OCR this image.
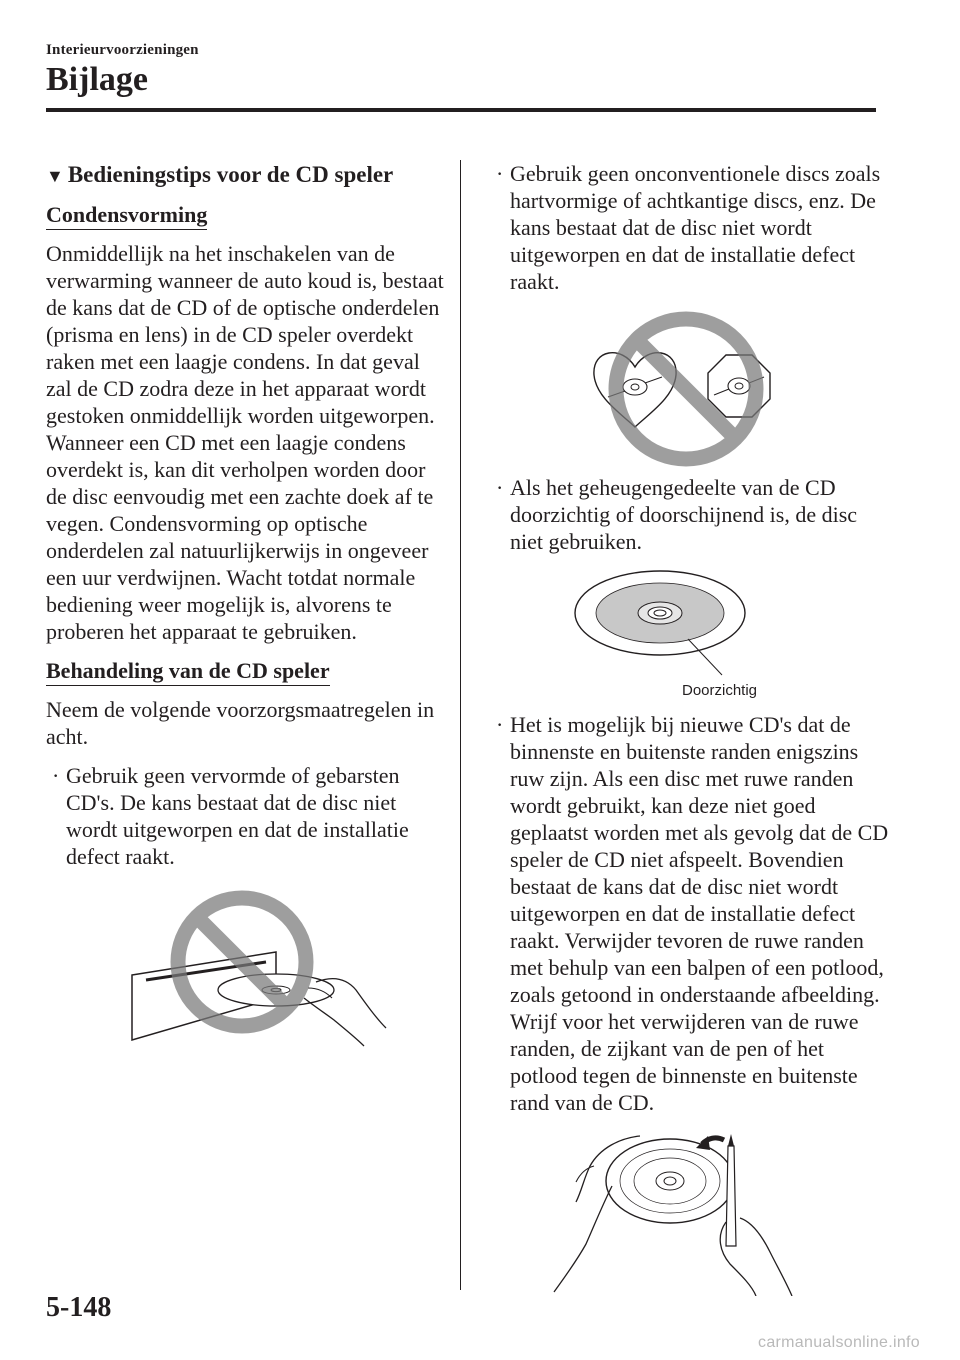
Interieurvoorzieningen
Bijlage
▼ Bedieningstips voor de CD speler
Condensvorming

Onmiddellijk na het inschakelen van de verwarming wanneer de auto koud is, bestaat de kans dat de CD of de optische onderdelen (prisma en lens) in de CD speler overdekt raken met een laagje condens. In dat geval zal de CD zodra deze in het apparaat wordt gestoken onmiddellijk worden uitgeworpen. Wanneer een CD met een laagje condens overdekt is, kan dit verholpen worden door de disc eenvoudig met een zachte doek af te vegen. Condensvorming op optische onderdelen zal natuurlijkerwijs in ongeveer een uur verdwijnen. Wacht totdat normale bediening weer mogelijk is, alvorens te proberen het apparaat te gebruiken.

Behandeling van de CD speler

Neem de volgende voorzorgsmaatregelen in acht.

· Gebruik geen vervormde of gebarsten CD's. De kans bestaat dat de disc niet wordt uitgeworpen en dat de installatie defect raakt.
· Gebruik geen onconventionele discs zoals hartvormige of achtkantige discs, enz. De kans bestaat dat de disc niet wordt uitgeworpen en dat de installatie defect raakt.
· Als het geheugengedeelte van de CD doorzichtig of doorschijnend is, de disc niet gebruiken.
Doorzichtig
· Het is mogelijk bij nieuwe CD's dat de binnenste en buitenste randen enigszins ruw zijn. Als een disc met ruwe randen wordt gebruikt, kan deze niet goed geplaatst worden met als gevolg dat de CD speler de CD niet afspeelt. Bovendien bestaat de kans dat de disc niet wordt uitgeworpen en dat de installatie defect raakt. Verwijder tevoren de ruwe randen met behulp van een balpen of een potlood, zoals getoond in onderstaande afbeelding. Wrijf voor het verwijderen van de ruwe randen, de zijkant van de pen of het potlood tegen de binnenste en buitenste rand van de CD.
5-148
carmanualsonline.info
